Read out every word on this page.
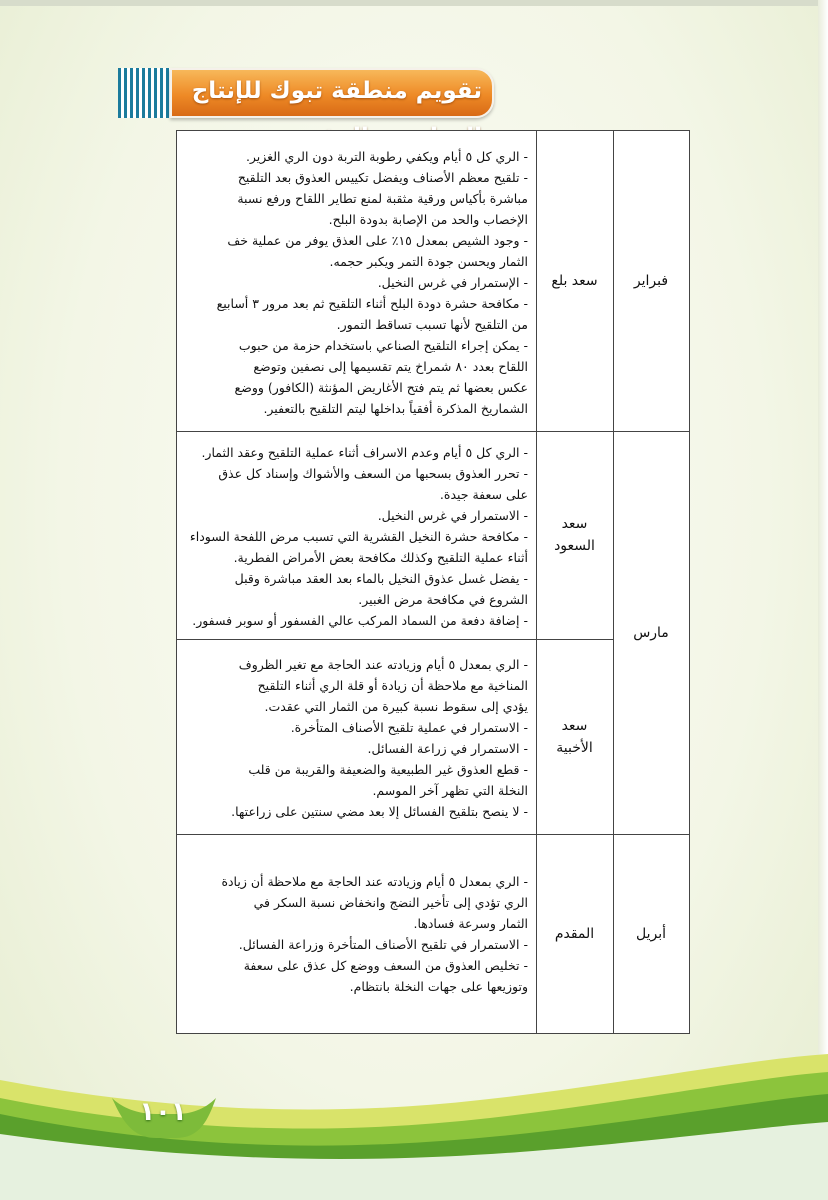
تقويم منطقة تبوك للإنتاج
فبراير
مارس
أبريل
سعد بلع
سعد السعود
سعد الأخبية
المقدم
- الري كل ٥ أيام ويكفي رطوبة التربة دون الري الغزير.
- تلقيح معظم الأصناف ويفضل تكييس العذوق بعد التلقيح
مباشرة بأكياس ورقية مثقبة لمنع تطاير اللقاح ورفع نسبة
الإخصاب والحد من الإصابة بدودة البلح.
- وجود الشيص بمعدل ١٥٪ على العذق يوفر من عملية خف
الثمار ويحسن جودة التمر ويكبر حجمه.
- الإستمرار في غرس النخيل.
- مكافحة حشرة دودة البلح أثناء التلقيح ثم بعد مرور ٣ أسابيع
من التلقيح لأنها تسبب تساقط التمور.
- يمكن إجراء التلقيح الصناعي باستخدام حزمة من حبوب
اللقاح بعدد ٨٠ شمراخ يتم تقسيمها إلى نصفين وتوضع
عكس بعضها ثم يتم فتح الأغاريض المؤنثة (الكافور) ووضع
الشماريخ المذكرة أفقياً بداخلها ليتم التلقيح بالتعفير.
- الري كل ٥ أيام وعدم الاسراف أثناء عملية التلقيح وعقد الثمار.
- تحرر العذوق بسحبها من السعف والأشواك وإسناد كل عذق
على سعفة جيدة.
- الاستمرار في غرس النخيل.
- مكافحة حشرة النخيل القشرية التي تسبب مرض اللفحة السوداء
أثناء عملية التلقيح وكذلك مكافحة بعض الأمراض الفطرية.
- يفضل غسل عذوق النخيل بالماء بعد العقد مباشرة وقبل
الشروع في مكافحة مرض الغبير.
- إضافة دفعة من السماد المركب عالي الفسفور أو سوبر فسفور.
- الري بمعدل ٥ أيام وزيادته عند الحاجة مع تغير الظروف
المناخية مع ملاحظة أن زيادة أو قلة الري أثناء التلقيح
يؤدي إلى سقوط نسبة كبيرة من الثمار التي عقدت.
- الاستمرار في عملية تلقيح الأصناف المتأخرة.
- الاستمرار في زراعة الفسائل.
- قطع العذوق غير الطبيعية والضعيفة والقريبة من قلب
النخلة التي تظهر آخر الموسم.
- لا ينصح بتلقيح الفسائل إلا بعد مضي سنتين على زراعتها.
- الري بمعدل ٥ أيام وزيادته عند الحاجة مع ملاحظة أن زيادة
الري تؤدي إلى تأخير النضج وانخفاض نسبة السكر في
الثمار وسرعة فسادها.
- الاستمرار في تلقيح الأصناف المتأخرة وزراعة الفسائل.
- تخليص العذوق من السعف ووضع كل عذق على سعفة
وتوزيعها على جهات النخلة بانتظام.
١٠١
